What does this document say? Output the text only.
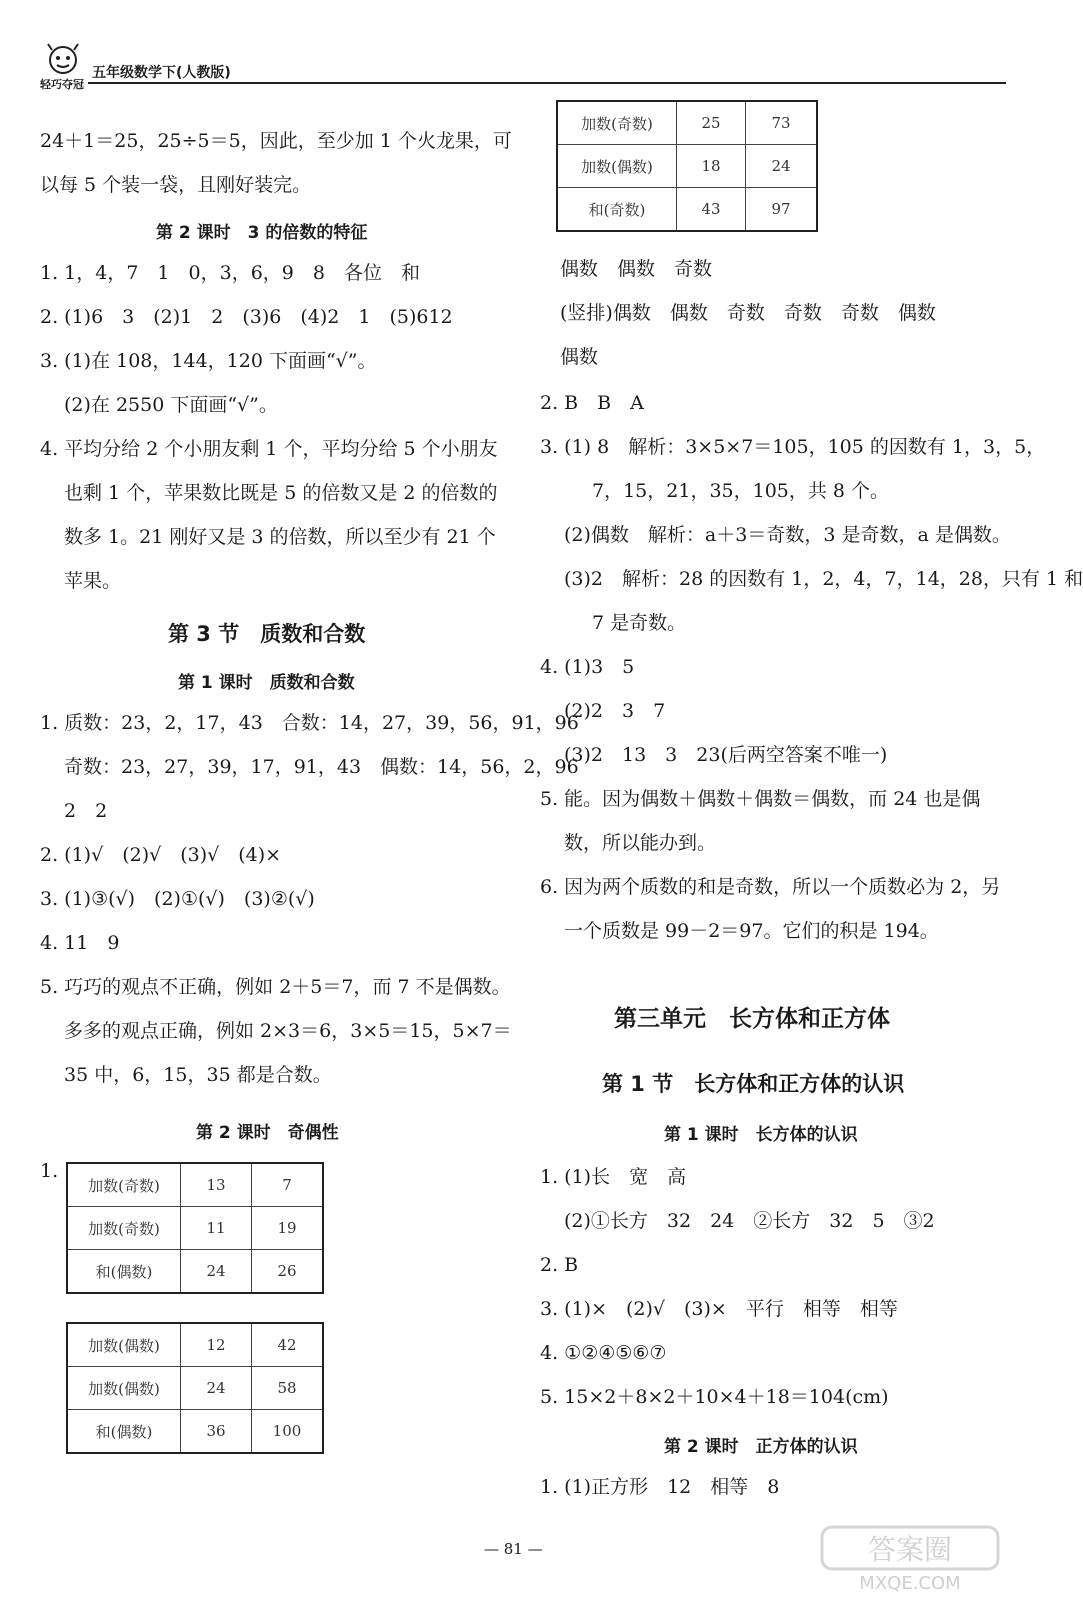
轻巧夺冠
五年级数学下(人教版)
24＋1＝25，25÷5＝5，因此，至少加 1 个火龙果，可
以每 5 个装一袋，且刚好装完。
第 2 课时　3 的倍数的特征
1. 1，4，7　1　0，3，6，9　8　各位　和
2. (1)6　3　(2)1　2　(3)6　(4)2　1　(5)612
3. (1)在 108，144，120 下面画“√”。
(2)在 2550 下面画“√”。
4. 平均分给 2 个小朋友剩 1 个，平均分给 5 个小朋友
也剩 1 个，苹果数比既是 5 的倍数又是 2 的倍数的
数多 1。21 刚好又是 3 的倍数，所以至少有 21 个
苹果。
第 3 节　质数和合数
第 1 课时　质数和合数
1. 质数：23，2，17，43　合数：14，27，39，56，91，96
奇数：23，27，39，17，91，43　偶数：14，56，2，96
2　2
2. (1)√　(2)√　(3)√　(4)×
3. (1)③(√)　(2)①(√)　(3)②(√)
4. 11　9
5. 巧巧的观点不正确，例如 2＋5＝7，而 7 不是偶数。
多多的观点正确，例如 2×3＝6，3×5＝15，5×7＝
35 中，6，15，35 都是合数。
第 2 课时　奇偶性
1.
加数(奇数)	13	7
加数(奇数)	11	19
和(偶数)	24	26
加数(偶数)	12	42
加数(偶数)	24	58
和(偶数)	36	100
加数(奇数)	25	73
加数(偶数)	18	24
和(奇数)	43	97
偶数　偶数　奇数
(竖排)偶数　偶数　奇数　奇数　奇数　偶数
偶数
2. B　B　A
3. (1) 8　解析：3×5×7＝105，105 的因数有 1，3，5，
7，15，21，35，105，共 8 个。
(2)偶数　解析：a＋3＝奇数，3 是奇数，a 是偶数。
(3)2　解析：28 的因数有 1，2，4，7，14，28，只有 1 和
7 是奇数。
4. (1)3　5
(2)2　3　7
(3)2　13　3　23(后两空答案不唯一)
5. 能。因为偶数＋偶数＋偶数＝偶数，而 24 也是偶
数，所以能办到。
6. 因为两个质数的和是奇数，所以一个质数必为 2，另
一个质数是 99－2＝97。它们的积是 194。
第三单元　长方体和正方体
第 1 节　长方体和正方体的认识
第 1 课时　长方体的认识
1. (1)长　宽　高
(2)①长方　32　24　②长方　32　5　③2
2. B
3. (1)×　(2)√　(3)×　平行　相等　相等
4. ①②④⑤⑥⑦
5. 15×2＋8×2＋10×4＋18＝104(cm)
第 2 课时　正方体的认识
1. (1)正方形　12　相等　8
— 81 —	答案圈
MXQE.COM
